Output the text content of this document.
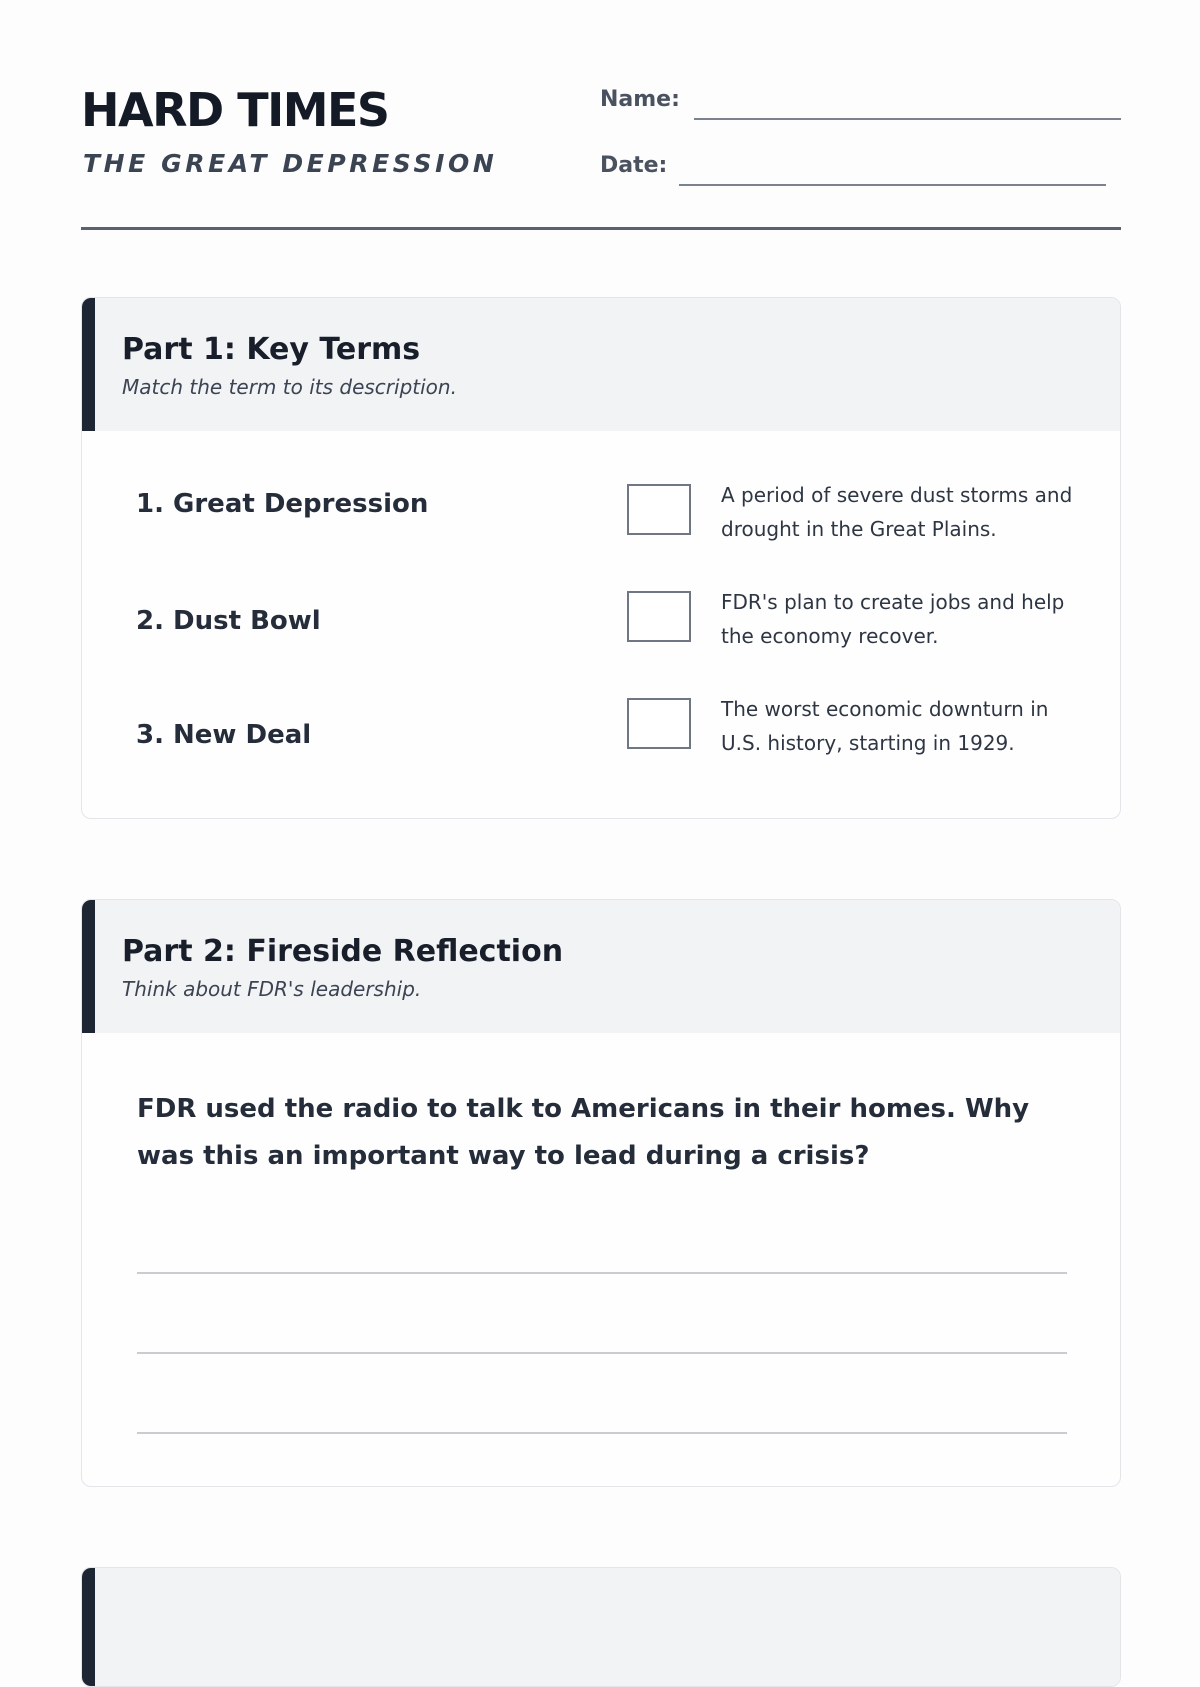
HARD TIMES
THE GREAT DEPRESSION
Name:
Date:
Part 1: Key Terms

Match the term to its description.

1. Great Depression	A period of severe dust storms and drought in the Great Plains.
2. Dust Bowl
FDR's plan to create jobs and help the economy recover.
3. New Deal
The worst economic downturn in U.S. history, starting in 1929.
Part 2: Fireside Reflection

Think about FDR's leadership.

FDR used the radio to talk to Americans in their homes. Why was this an important way to lead during a crisis?
